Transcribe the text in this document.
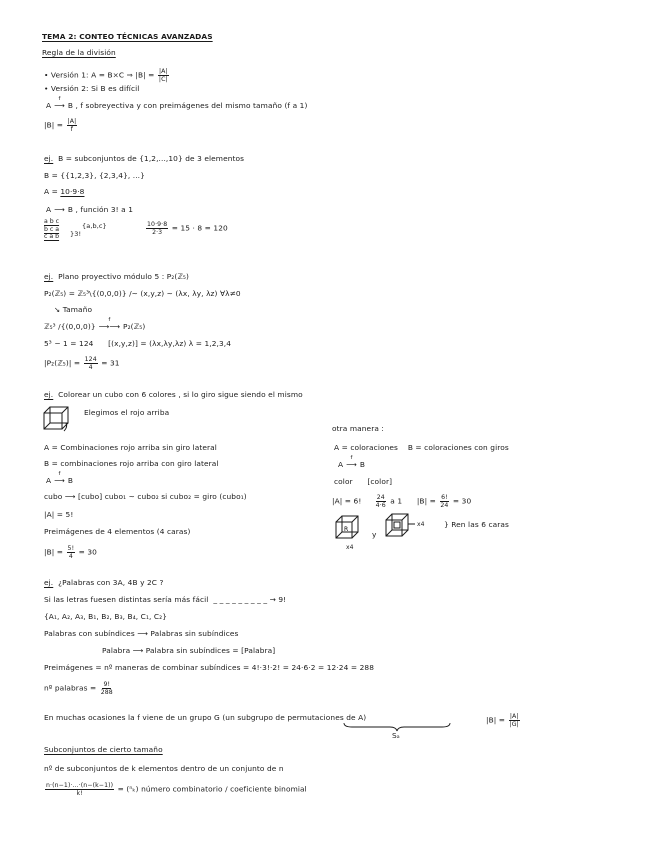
TEMA 2: CONTEO TÉCNICAS AVANZADAS
Regla de la división
• Versión 1: A = B×C ⇒ $|B| = \frac{|A|}{|C|}$
• Versión 2: Si B es difícil
A
f
⟶ B , f sobreyectiva y con preimágenes del mismo tamaño (f a 1)
$|B| = \frac{|A|}{f}$
ej. B = subconjuntos de {1,2,...,10} de 3 elementos
B = {{1,2,3}, {2,3,4}, ...}
A = 10·9·8
A ⟶ B , función 3! a 1
a b c
b c a
c a b }3!
{a,b,c}	$\frac{10\cdot 9\cdot 8}{2\cdot 3} = 15 \cdot 8 = 120$
ej. Plano proyectivo módulo 5 : P₂(ℤ₅)
P₂(ℤ₅) = ℤ₅³\{(0,0,0)} /~ (x,y,z) ~ (λx, λy, λz) ∀λ≠0
↘ Tamaño
ℤ₅³ /{(0,0,0)}
f
⟶⟶ P₂(ℤ₅)
5³ − 1 = 124 [(x,y,z)] = (λx,λy,λz) λ = 1,2,3,4
|P₂(ℤ₅)| = $\frac{124}{4} = 31$
ej. Colorear un cubo con 6 colores , si lo giro sigue siendo el mismo
Elegimos el rojo arriba
A = Combinaciones rojo arriba sin giro lateral
B = combinaciones rojo arriba con giro lateral
A
f
⟶ B
cubo ⟶ [cubo] cubo₁ ~ cubo₂ si cubo₂ = giro (cubo₁)
|A| = 5!
Preimágenes de 4 elementos (4 caras)
$|B| = \frac{5!}{4} = 30$
otra manera :
A = coloraciones B = coloraciones con giros
A
f
⟶ B
color [color]
|A| = 6! $\frac{24}{4\cdot 6}$ a 1 $|B| = \frac{6!}{24} = 30$
R
x4
y
x4	} Ren las 6 caras
ej. ¿Palabras con 3A, 4B y 2C ?
Si las letras fuesen distintas sería más fácil _ _ _ _ _ _ _ _ _ → 9!
{A₁, A₂, A₃, B₁, B₂, B₃, B₄, C₁, C₂}
Palabras con subíndices ⟶ Palabras sin subíndices
Palabra ⟶ Palabra sin subíndices = [Palabra]
Preimágenes = nº maneras de combinar subíndices = 4!·3!·2! = 24·6·2 = 12·24 = 288
nº palabras = $\frac{9!}{288}$
En muchas ocasiones la f viene de un grupo G (un subgrupo de permutaciones de A)
Sₐ
$|B| = \frac{|A|}{|G|}$
Subconjuntos de cierto tamaño
nº de subconjuntos de k elementos dentro de un conjunto de n
$\frac{n\cdot(n-1)\cdot...\cdot(n-(k-1))}{k!} = (^n_k)$ número combinatorio / coeficiente binomial
